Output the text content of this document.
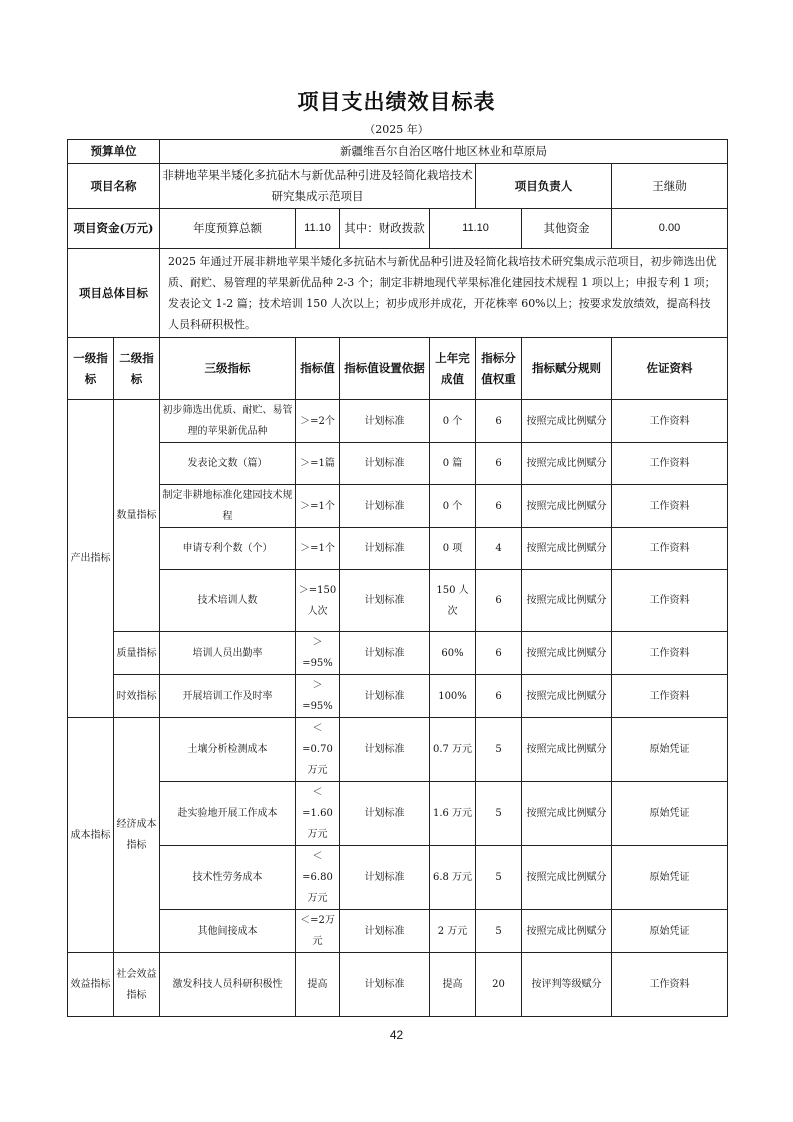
项目支出绩效目标表
（2025 年）
预算单位		新疆维吾尔自治区喀什地区林业和草原局						
项目名称		非耕地苹果半矮化多抗砧木与新优品种引进及轻简化栽培技术研究集成示范项目				项目负责人		王继勋
项目资金(万元)		年度预算总额	11.10	其中：财政拨款	11.10		其他资金	0.00
项目总体目标		2025 年通过开展非耕地苹果半矮化多抗砧木与新优品种引进及轻简化栽培技术研究集成示范项目，初步筛选出优质、耐贮、易管理的苹果新优品种 2-3 个；制定非耕地现代苹果标准化建园技术规程 1 项以上；申报专利 1 项；发表论文 1-2 篇；技术培训 150 人次以上；初步成形并成花，开花株率 60%以上；按要求发放绩效，提高科技人员科研积极性。						
一级指标	二级指标	三级指标	指标值	指标值设置依据	上年完成值	指标分值权重	指标赋分规则	佐证资料
产出指标	数量指标	初步筛选出优质、耐贮、易管理的苹果新优品种	＞=2个	计划标准	0 个	6	按照完成比例赋分	工作资料
		发表论文数（篇）	＞=1篇	计划标准	0 篇	6	按照完成比例赋分	工作资料
		制定非耕地标准化建园技术规程	＞=1个	计划标准	0 个	6	按照完成比例赋分	工作资料
		申请专利个数（个）	＞=1个	计划标准	0 项	4	按照完成比例赋分	工作资料
		技术培训人数	＞=150人次	计划标准	150 人次	6	按照完成比例赋分	工作资料
	质量指标	培训人员出勤率	＞=95%	计划标准	60%	6	按照完成比例赋分	工作资料
	时效指标	开展培训工作及时率	＞=95%	计划标准	100%	6	按照完成比例赋分	工作资料
成本指标	经济成本指标	土壤分析检测成本	＜=0.70万元	计划标准	0.7 万元	5	按照完成比例赋分	原始凭证
		赴实验地开展工作成本	＜=1.60万元	计划标准	1.6 万元	5	按照完成比例赋分	原始凭证
		技术性劳务成本	＜=6.80万元	计划标准	6.8 万元	5	按照完成比例赋分	原始凭证
		其他间接成本	＜=2万元	计划标准	2 万元	5	按照完成比例赋分	原始凭证
效益指标	社会效益指标	激发科技人员科研积极性	提高	计划标准	提高	20	按评判等级赋分	工作资料
42
